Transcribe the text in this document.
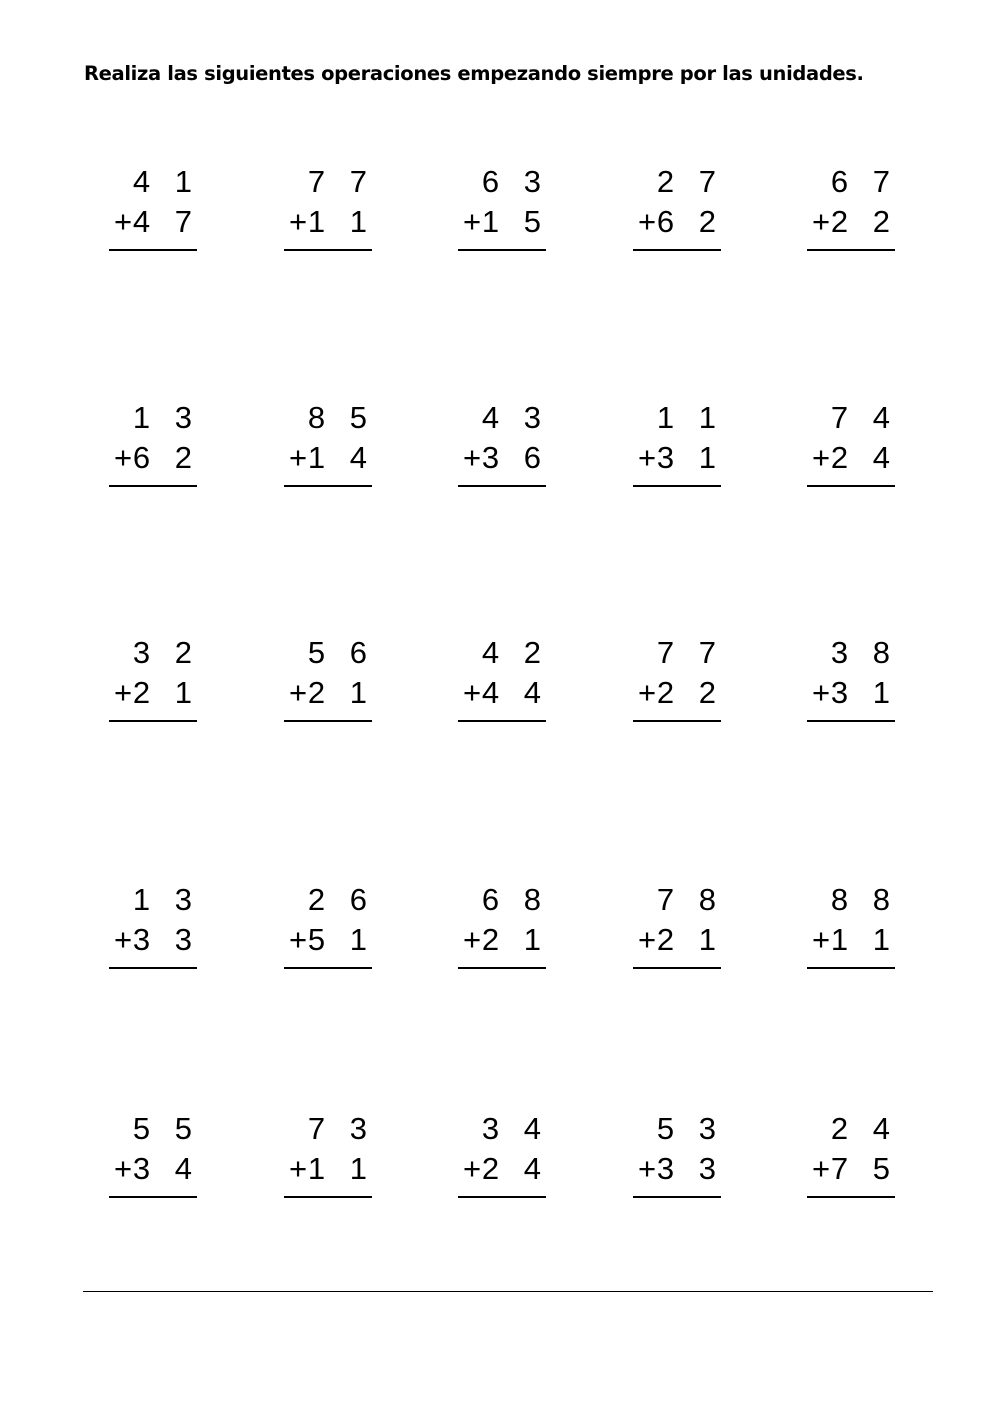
Realiza las siguientes operaciones empezando siempre por las unidades.

4 1
+ 4 7
7 7
+ 1 1
6 3
+ 1 5
2 7
+ 6 2
6 7
+ 2 2
1 3
+ 6 2
8 5
+ 1 4
4 3
+ 3 6
1 1
+ 3 1
7 4
+ 2 4
3 2
+ 2 1
5 6
+ 2 1
4 2
+ 4 4
7 7
+ 2 2
3 8
+ 3 1
1 3
+ 3 3
2 6
+ 5 1
6 8
+ 2 1
7 8
+ 2 1
8 8
+ 1 1
5 5
+ 3 4
7 3
+ 1 1
3 4
+ 2 4
5 3
+ 3 3
2 4
+ 7 5
